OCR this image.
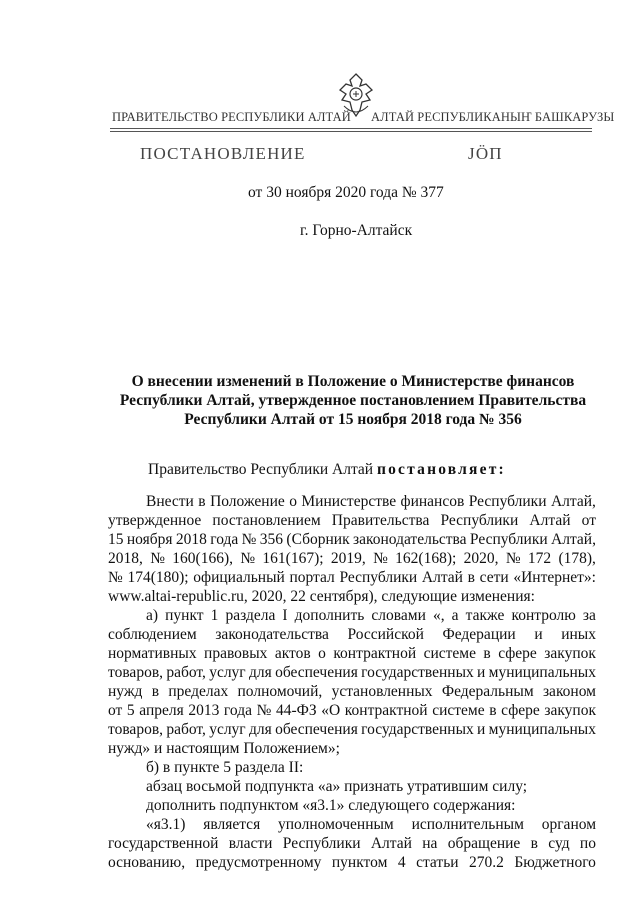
ПРАВИТЕЛЬСТВО РЕСПУБЛИКИ АЛТАЙ АЛТАЙ РЕСПУБЛИКАНЫҤ БАШКАРУЗЫ
ПОСТАНОВЛЕНИЕ	ЈӦП
от 30 ноября 2020 года № 377
г. Горно-Алтайск
О внесении изменений в Положение о Министерстве финансов
Республики Алтай, утвержденное постановлением Правительства
Республики Алтай от 15 ноября 2018 года № 356
Правительство Республики Алтай постановляет:
Внести в Положение о Министерстве финансов Республики Алтай,
утвержденное постановлением Правительства Республики Алтай от
15 ноября 2018 года № 356 (Сборник законодательства Республики Алтай,
2018, № 160(166), № 161(167); 2019, № 162(168); 2020, № 172 (178),
№ 174(180); официальный портал Республики Алтай в сети «Интернет»:
www.altai-republic.ru, 2020, 22 сентября), следующие изменения:
а) пункт 1 раздела I дополнить словами «, а также контролю за
соблюдением законодательства Российской Федерации и иных
нормативных правовых актов о контрактной системе в сфере закупок
товаров, работ, услуг для обеспечения государственных и муниципальных
нужд в пределах полномочий, установленных Федеральным законом
от 5 апреля 2013 года № 44-ФЗ «О контрактной системе в сфере закупок
товаров, работ, услуг для обеспечения государственных и муниципальных
нужд» и настоящим Положением»;
б) в пункте 5 раздела II:
абзац восьмой подпункта «а» признать утратившим силу;
дополнить подпунктом «я3.1» следующего содержания:
«я3.1) является уполномоченным исполнительным органом
государственной власти Республики Алтай на обращение в суд по
основанию, предусмотренному пунктом 4 статьи 270.2 Бюджетного
